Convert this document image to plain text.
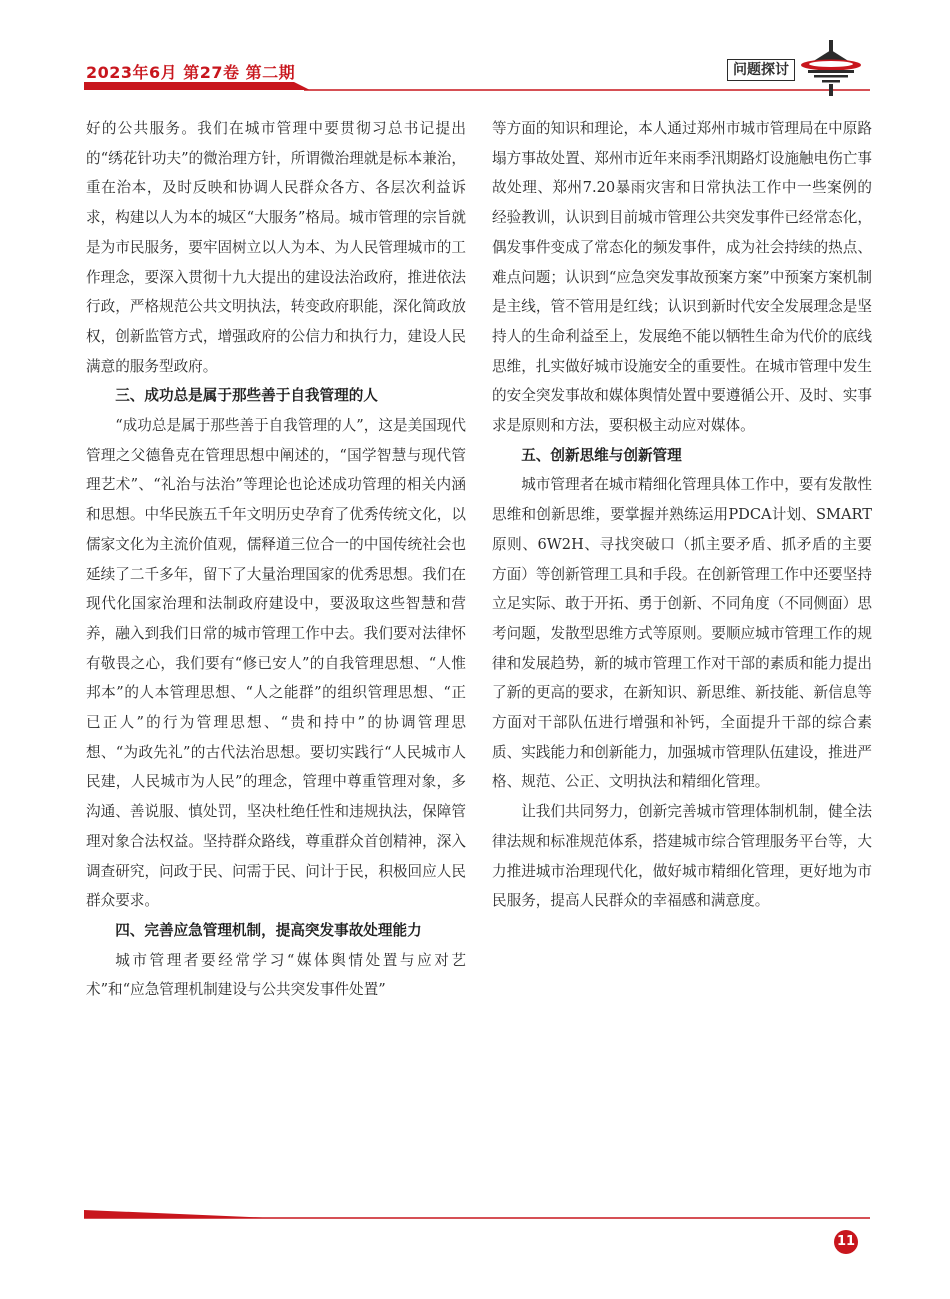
2023年6月 第27卷 第二期	问题探讨

好的公共服务。我们在城市管理中要贯彻习总书记提出的“绣花针功夫”的微治理方针，所谓微治理就是标本兼治，重在治本，及时反映和协调人民群众各方、各层次利益诉求，构建以人为本的城区“大服务”格局。城市管理的宗旨就是为市民服务，要牢固树立以人为本、为人民管理城市的工作理念，要深入贯彻十九大提出的建设法治政府，推进依法行政，严格规范公共文明执法，转变政府职能，深化简政放权，创新监管方式，增强政府的公信力和执行力，建设人民满意的服务型政府。

三、成功总是属于那些善于自我管理的人

“成功总是属于那些善于自我管理的人”，这是美国现代管理之父德鲁克在管理思想中阐述的，“国学智慧与现代管理艺术”、“礼治与法治”等理论也论述成功管理的相关内涵和思想。中华民族五千年文明历史孕育了优秀传统文化，以儒家文化为主流价值观，儒释道三位合一的中国传统社会也延续了二千多年，留下了大量治理国家的优秀思想。我们在现代化国家治理和法制政府建设中，要汲取这些智慧和营养，融入到我们日常的城市管理工作中去。我们要对法律怀有敬畏之心，我们要有“修已安人”的自我管理思想、“人惟邦本”的人本管理思想、“人之能群”的组织管理思想、“正已正人”的行为管理思想、“贵和持中”的协调管理思想、“为政先礼”的古代法治思想。要切实践行“人民城市人民建，人民城市为人民”的理念，管理中尊重管理对象，多沟通、善说服、慎处罚，坚决杜绝任性和违规执法，保障管理对象合法权益。坚持群众路线，尊重群众首创精神，深入调查研究，问政于民、问需于民、问计于民，积极回应人民群众要求。

四、完善应急管理机制，提高突发事故处理能力

城市管理者要经常学习“媒体舆情处置与应对艺术”和“应急管理机制建设与公共突发事件处置”

等方面的知识和理论，本人通过郑州市城市管理局在中原路塌方事故处置、郑州市近年来雨季汛期路灯设施触电伤亡事故处理、郑州7.20暴雨灾害和日常执法工作中一些案例的经验教训，认识到目前城市管理公共突发事件已经常态化，偶发事件变成了常态化的频发事件，成为社会持续的热点、难点问题；认识到“应急突发事故预案方案”中预案方案机制是主线，管不管用是红线；认识到新时代安全发展理念是坚持人的生命利益至上，发展绝不能以牺牲生命为代价的底线思维，扎实做好城市设施安全的重要性。在城市管理中发生的安全突发事故和媒体舆情处置中要遵循公开、及时、实事求是原则和方法，要积极主动应对媒体。

五、创新思维与创新管理

城市管理者在城市精细化管理具体工作中，要有发散性思维和创新思维，要掌握并熟练运用PDCA计划、SMART原则、6W2H、寻找突破口（抓主要矛盾、抓矛盾的主要方面）等创新管理工具和手段。在创新管理工作中还要坚持立足实际、敢于开拓、勇于创新、不同角度（不同侧面）思考问题，发散型思维方式等原则。要顺应城市管理工作的规律和发展趋势，新的城市管理工作对干部的素质和能力提出了新的更高的要求，在新知识、新思维、新技能、新信息等方面对干部队伍进行增强和补钙，全面提升干部的综合素质、实践能力和创新能力，加强城市管理队伍建设，推进严格、规范、公正、文明执法和精细化管理。

让我们共同努力，创新完善城市管理体制机制，健全法律法规和标准规范体系，搭建城市综合管理服务平台等，大力推进城市治理现代化，做好城市精细化管理，更好地为市民服务，提高人民群众的幸福感和满意度。

11
